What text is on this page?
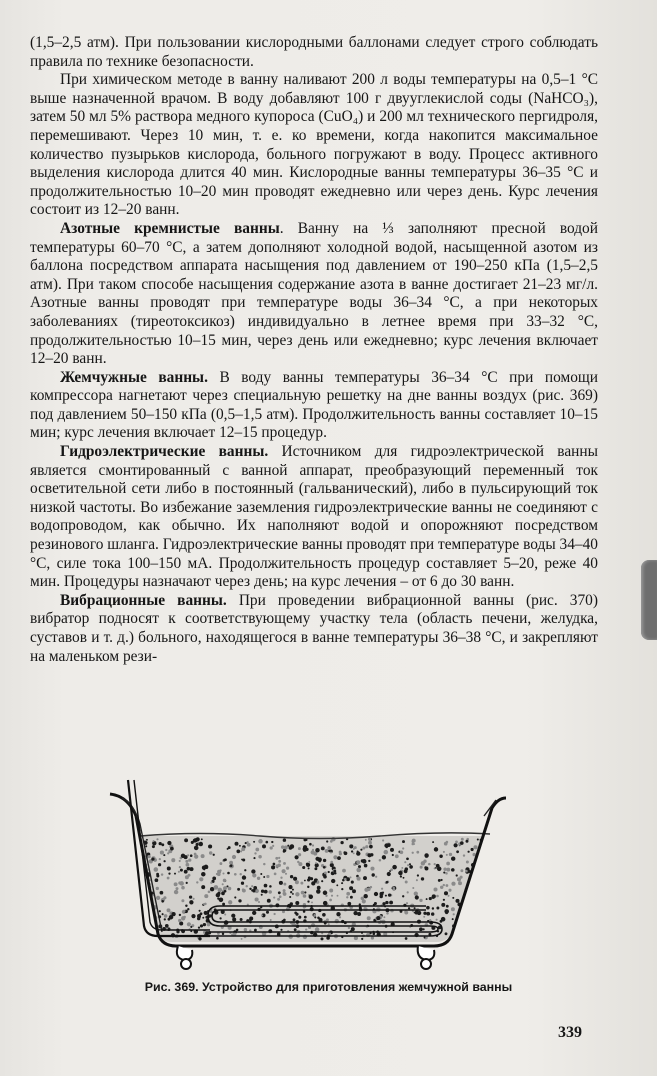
(1,5–2,5 атм). При пользовании кислородными баллонами следует строго соблюдать правила по технике безопасности.

При химическом методе в ванну наливают 200 л воды температуры на 0,5–1 °С выше назначенной врачом. В воду добавляют 100 г двууглекислой соды (NaHCO₃), затем 50 мл 5% раствора медного купороса (CuO₄) и 200 мл технического пергидроля, перемешивают. Через 10 мин, т. е. ко времени, когда накопится максимальное количество пузырьков кислорода, больного погружают в воду. Процесс активного выделения кислорода длится 40 мин. Кислородные ванны температуры 36–35 °С и продолжительностью 10–20 мин проводят ежедневно или через день. Курс лечения состоит из 12–20 ванн.

Азотные кремнистые ванны. Ванну на ⅓ заполняют пресной водой температуры 60–70 °С, а затем дополняют холодной водой, насыщенной азотом из баллона посредством аппарата насыщения под давлением от 190–250 кПа (1,5–2,5 атм). При таком способе насыщения содержание азота в ванне достигает 21–23 мг/л. Азотные ванны проводят при температуре воды 36–34 °С, а при некоторых заболеваниях (тиреотоксикоз) индивидуально в летнее время при 33–32 °С, продолжительностью 10–15 мин, через день или ежедневно; курс лечения включает 12–20 ванн.

Жемчужные ванны. В воду ванны температуры 36–34 °С при помощи компрессора нагнетают через специальную решетку на дне ванны воздух (рис. 369) под давлением 50–150 кПа (0,5–1,5 атм). Продолжительность ванны составляет 10–15 мин; курс лечения включает 12–15 процедур.

Гидроэлектрические ванны. Источником для гидроэлектрической ванны является смонтированный с ванной аппарат, преобразующий переменный ток осветительной сети либо в постоянный (гальванический), либо в пульсирующий ток низкой частоты. Во избежание заземления гидроэлектрические ванны не соединяют с водопроводом, как обычно. Их наполняют водой и опорожняют посредством резинового шланга. Гидроэлектрические ванны проводят при температуре воды 34–40 °С, силе тока 100–150 мА. Продолжительность процедур составляет 5–20, реже 40 мин. Процедуры назначают через день; на курс лечения – от 6 до 30 ванн.

Вибрационные ванны. При проведении вибрационной ванны (рис. 370) вибратор подносят к соответствующему участку тела (область печени, желудка, суставов и т. д.) больного, находящегося в ванне температуры 36–38 °С, и закрепляют на маленьком рези-

Рис. 369. Устройство для приготовления жемчужной ванны
339
